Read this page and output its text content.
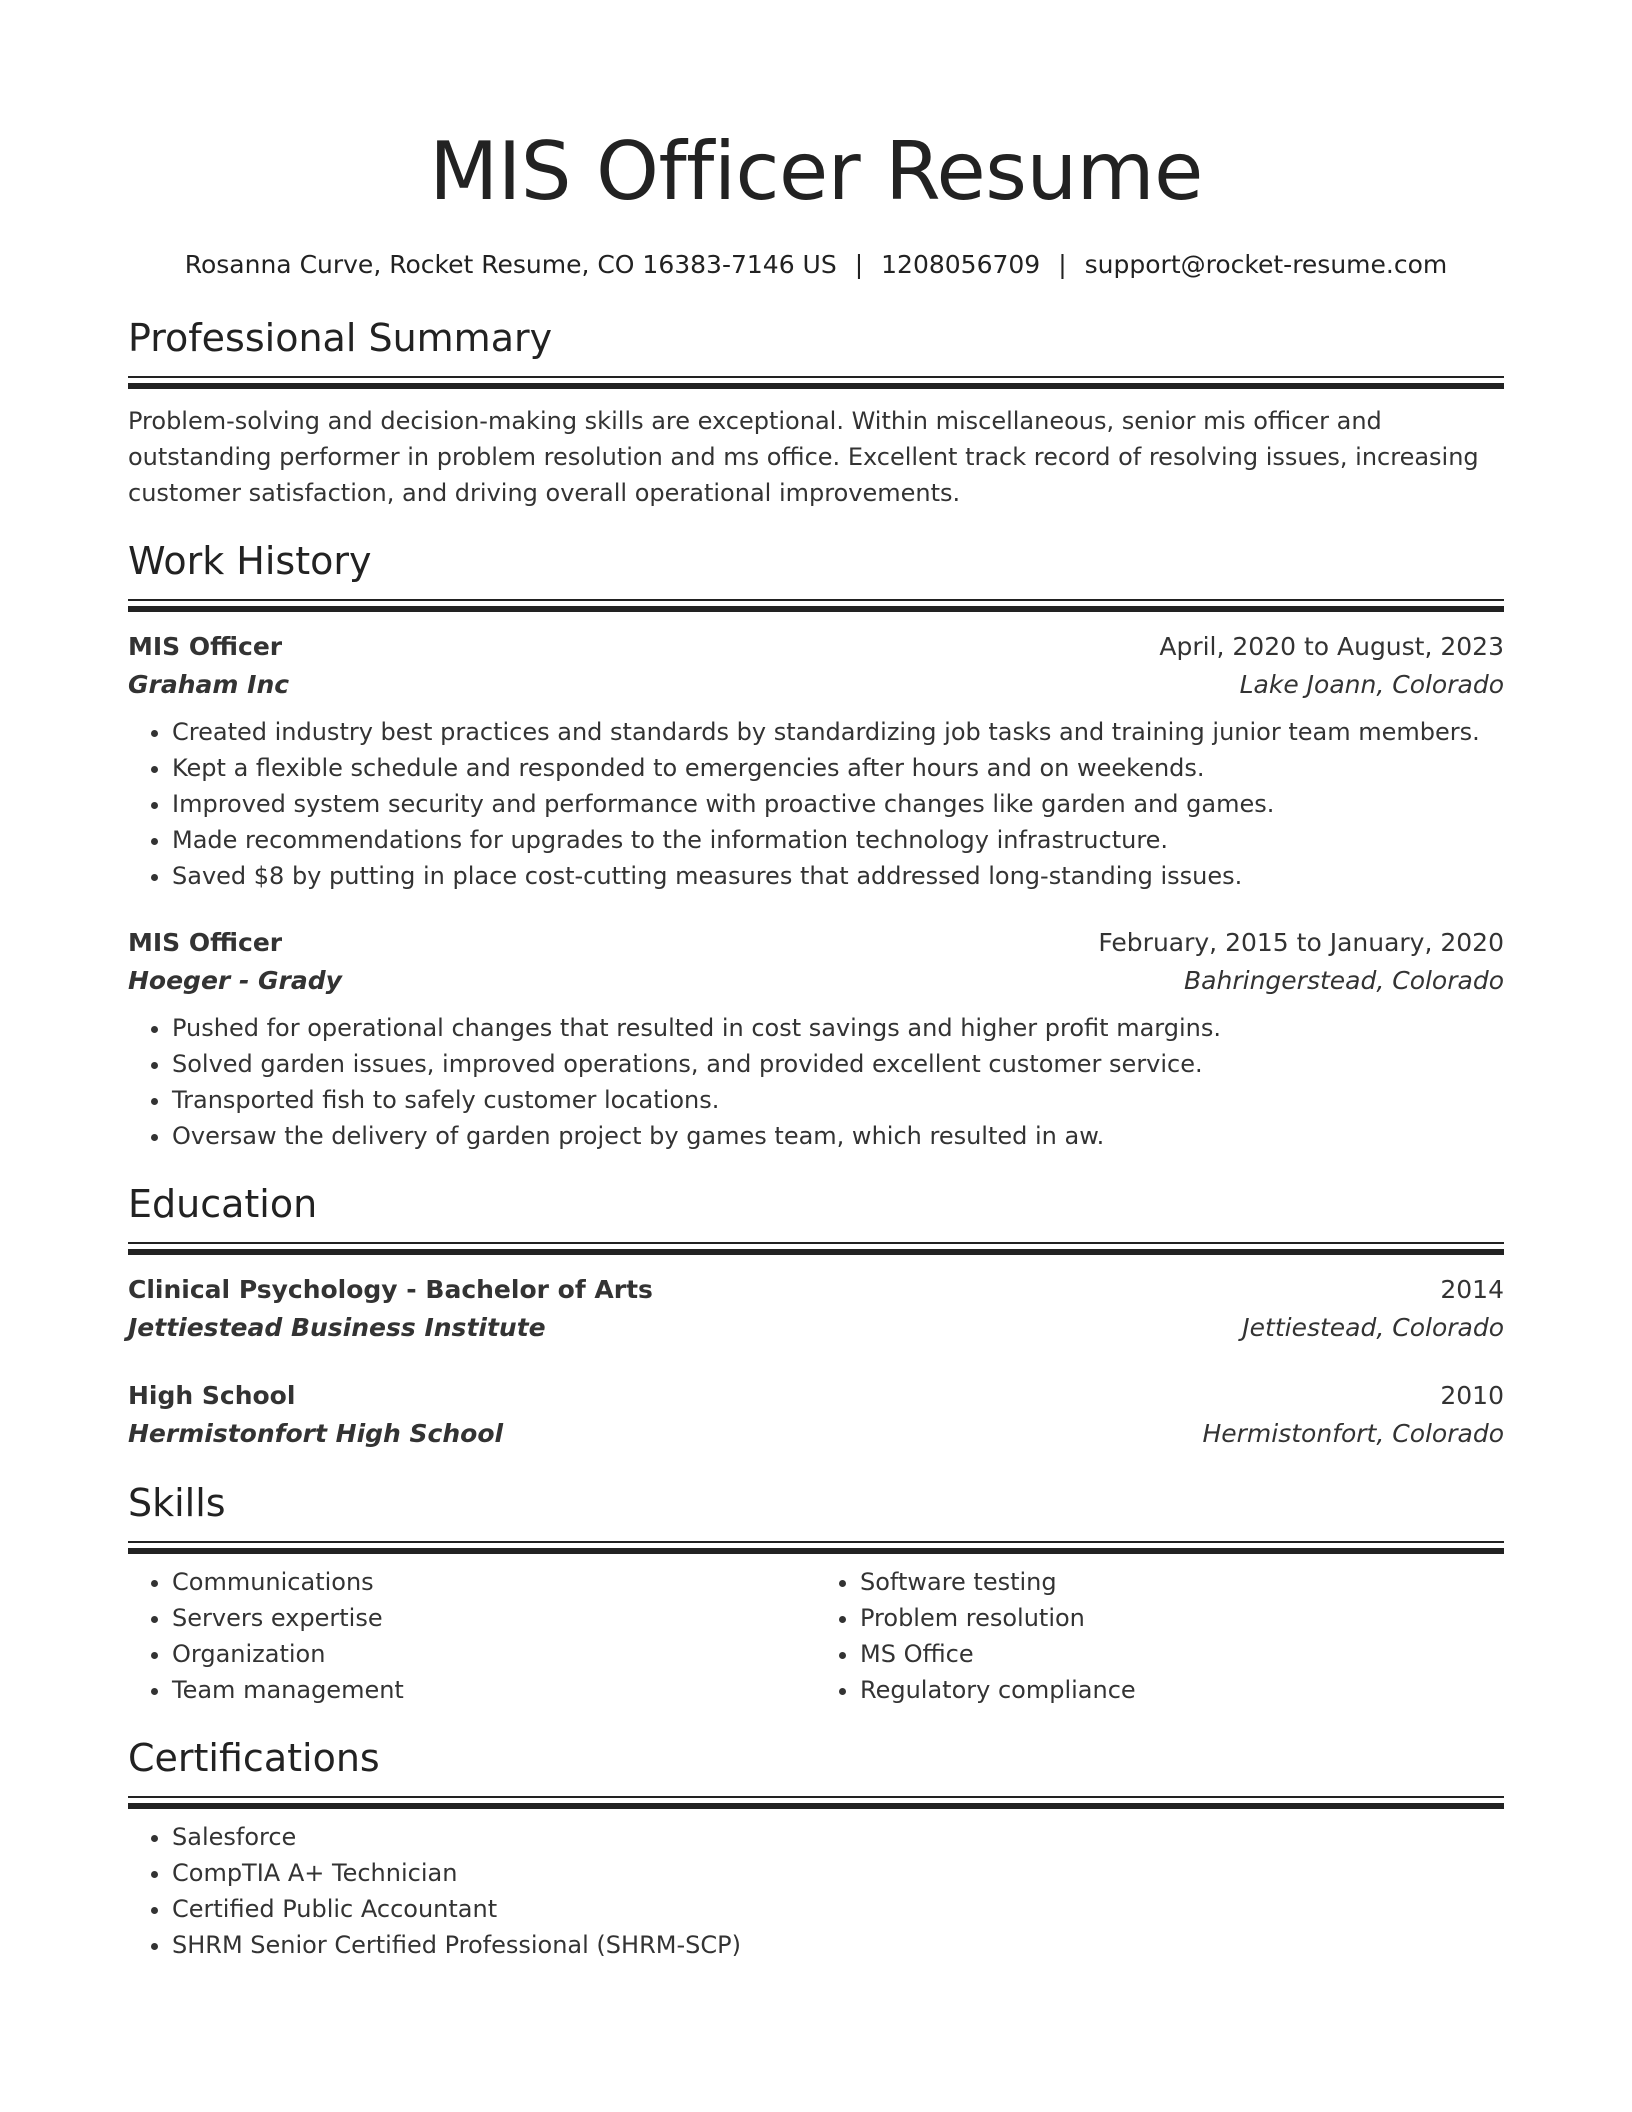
MIS Officer Resume
Rosanna Curve, Rocket Resume, CO 16383-7146 US | 1208056709 | support@rocket-resume.com
Professional Summary
Problem-solving and decision-making skills are exceptional. Within miscellaneous, senior mis officer and outstanding performer in problem resolution and ms office. Excellent track record of resolving issues, increasing customer satisfaction, and driving overall operational improvements.
Work History
MIS Officer	April, 2020 to August, 2023
Graham Inc	Lake Joann, Colorado
• Created industry best practices and standards by standardizing job tasks and training junior team members.
• Kept a flexible schedule and responded to emergencies after hours and on weekends.
• Improved system security and performance with proactive changes like garden and games.
• Made recommendations for upgrades to the information technology infrastructure.
• Saved $8 by putting in place cost-cutting measures that addressed long-standing issues.
MIS Officer	February, 2015 to January, 2020
Hoeger - Grady	Bahringerstead, Colorado
• Pushed for operational changes that resulted in cost savings and higher profit margins.
• Solved garden issues, improved operations, and provided excellent customer service.
• Transported fish to safely customer locations.
• Oversaw the delivery of garden project by games team, which resulted in aw.
Education
Clinical Psychology - Bachelor of Arts	2014
Jettiestead Business Institute	Jettiestead, Colorado
High School	2010
Hermistonfort High School	Hermistonfort, Colorado
Skills
• Communications
• Servers expertise
• Organization
• Team management
• Software testing
• Problem resolution
• MS Office
• Regulatory compliance
Certifications
• Salesforce
• CompTIA A+ Technician
• Certified Public Accountant
• SHRM Senior Certified Professional (SHRM-SCP)
